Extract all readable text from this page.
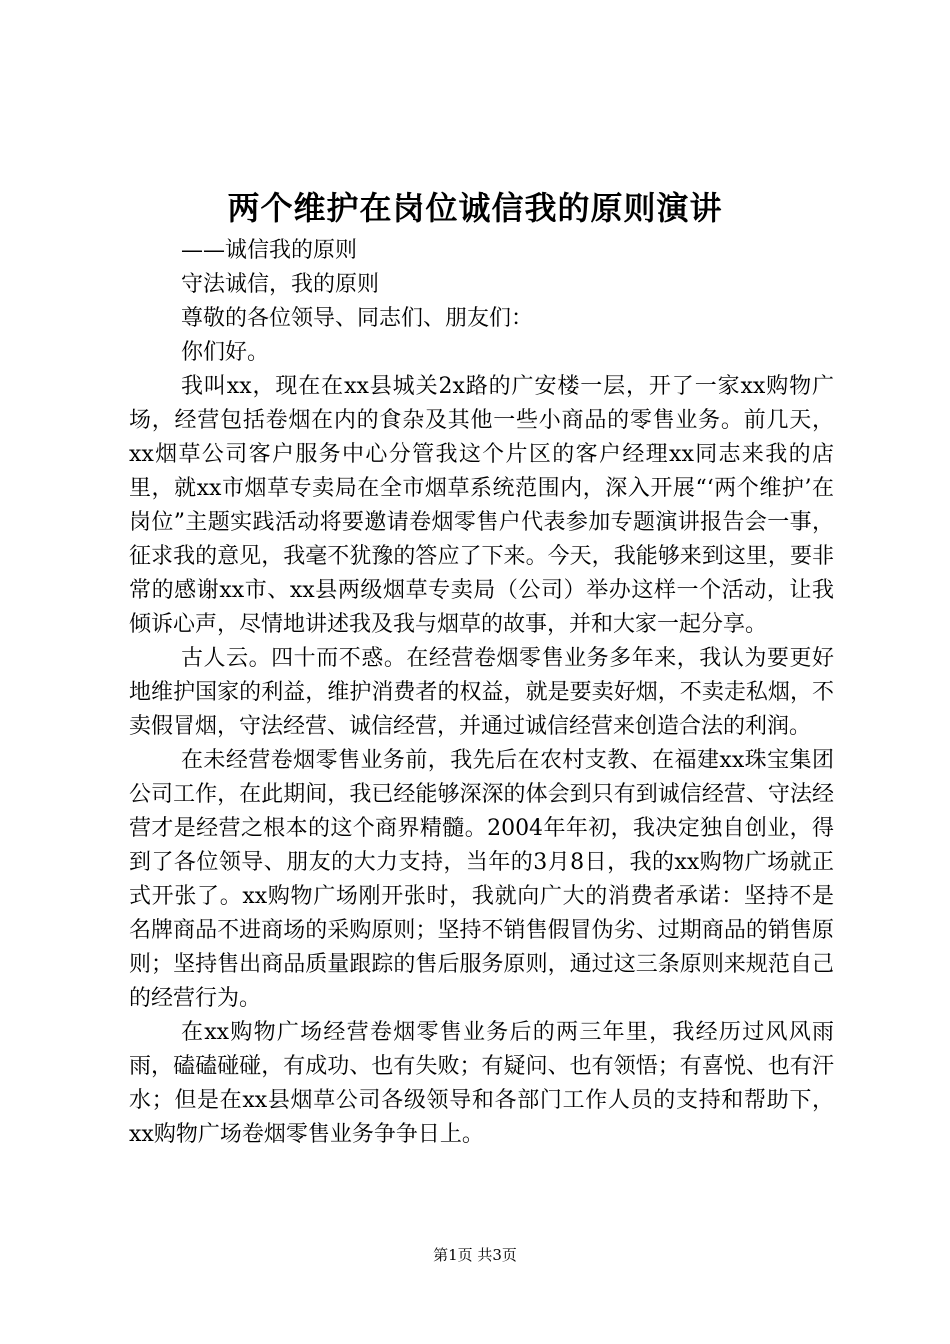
两个维护在岗位诚信我的原则演讲

——诚信我的原则

守法诚信，我的原则

尊敬的各位领导、同志们、朋友们：

你们好。

我叫xx，现在在xx县城关2x路的广安楼一层，开了一家xx购物广场，经营包括卷烟在内的食杂及其他一些小商品的零售业务。前几天，xx烟草公司客户服务中心分管我这个片区的客户经理xx同志来我的店里，就xx市烟草专卖局在全市烟草系统范围内，深入开展“‘两个维护’在岗位”主题实践活动将要邀请卷烟零售户代表参加专题演讲报告会一事，征求我的意见，我毫不犹豫的答应了下来。今天，我能够来到这里，要非常的感谢xx市、xx县两级烟草专卖局（公司）举办这样一个活动，让我倾诉心声，尽情地讲述我及我与烟草的故事，并和大家一起分享。

古人云。四十而不惑。在经营卷烟零售业务多年来，我认为要更好地维护国家的利益，维护消费者的权益，就是要卖好烟，不卖走私烟，不卖假冒烟，守法经营、诚信经营，并通过诚信经营来创造合法的利润。

在未经营卷烟零售业务前，我先后在农村支教、在福建xx珠宝集团公司工作，在此期间，我已经能够深深的体会到只有到诚信经营、守法经营才是经营之根本的这个商界精髓。2004年年初，我决定独自创业，得到了各位领导、朋友的大力支持，当年的3月8日，我的xx购物广场就正式开张了。xx购物广场刚开张时，我就向广大的消费者承诺：坚持不是名牌商品不进商场的采购原则；坚持不销售假冒伪劣、过期商品的销售原则；坚持售出商品质量跟踪的售后服务原则，通过这三条原则来规范自己的经营行为。

在xx购物广场经营卷烟零售业务后的两三年里，我经历过风风雨雨，磕磕碰碰，有成功、也有失败；有疑问、也有领悟；有喜悦、也有汗水；但是在xx县烟草公司各级领导和各部门工作人员的支持和帮助下，xx购物广场卷烟零售业务争争日上。

第1页 共3页
